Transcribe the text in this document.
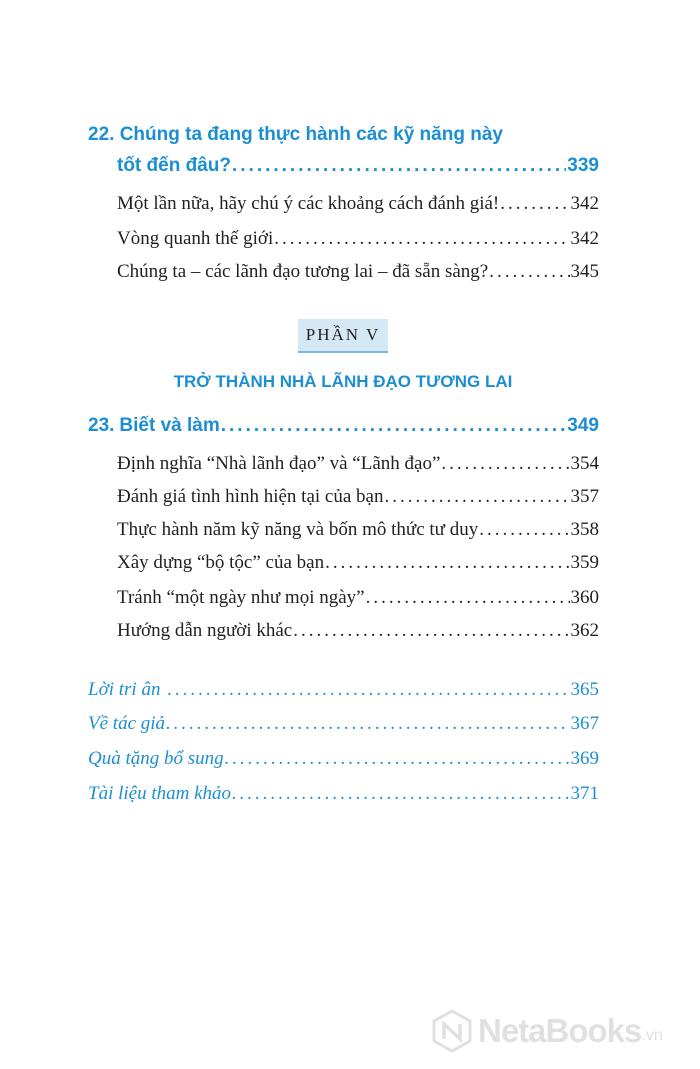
22. Chúng ta đang thực hành các kỹ năng này
tốt đến đâu? .....	339
Một lần nữa, hãy chú ý các khoảng cách đánh giá! .....	342
Vòng quanh thế giới .....	342
Chúng ta – các lãnh đạo tương lai – đã sẵn sàng? .....	345
PHẦN V
TRỞ THÀNH NHÀ LÃNH ĐẠO TƯƠNG LAI
23. Biết và làm .....	349
Định nghĩa “Nhà lãnh đạo” và “Lãnh đạo” .....	354
Đánh giá tình hình hiện tại của bạn .....	357
Thực hành năm kỹ năng và bốn mô thức tư duy .....	358
Xây dựng “bộ tộc” của bạn .....	359
Tránh “một ngày như mọi ngày” .....	360
Hướng dẫn người khác .....	362
Lời tri ân .....	365
Về tác giả .....	367
Quà tặng bổ sung .....	369
Tài liệu tham khảo .....	371
NetaBooks .vn
